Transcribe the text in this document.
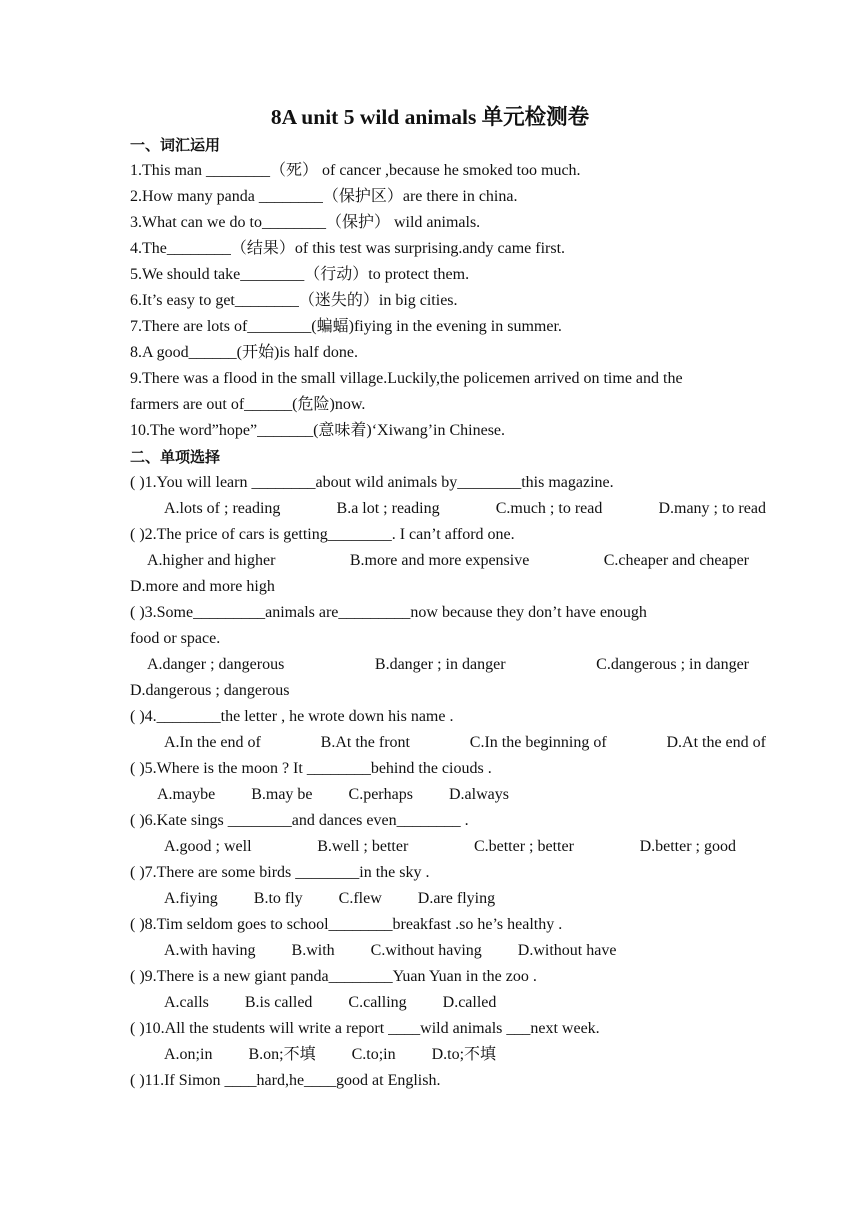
8A unit 5 wild animals 单元检测卷
一、词汇运用
1.This man ________（死） of cancer ,because he smoked too much.
2.How many panda ________（保护区）are there in china.
3.What can we do to________（保护） wild animals.
4.The________（结果）of this test was surprising.andy came first.
5.We should take________（行动）to protect them.
6.It’s easy to get________（迷失的）in big cities.
7.There are lots of________(蝙蝠)fiying in the evening in summer.
8.A good______(开始)is half done.
9.There was a flood in the small village.Luckily,the policemen arrived on time and the
farmers are out of______(危险)now.
10.The word”hope”_______(意味着)‘Xiwang’in Chinese.
二、单项选择
( )1.You will learn ________about wild animals by________this magazine.
A.lots of ; reading	B.a lot ; reading	C.much ; to read	D.many ; to read
( )2.The price of cars is getting________. I can’t afford one.
A.higher and higher	B.more and more expensive	C.cheaper and cheaper
D.more and more high
( )3.Some_________animals are_________now because they don’t have enough
food or space.
A.danger ; dangerous	B.danger ; in danger	C.dangerous ; in danger
D.dangerous ; dangerous
( )4.________the letter , he wrote down his name .
A.In the end of	B.At the front	C.In the beginning of	D.At the end of
( )5.Where is the moon ? It ________behind the ciouds .
A.maybe B.may be C.perhaps D.always
( )6.Kate sings ________and dances even________ .
A.good ; well	B.well ; better	C.better ; better	D.better ; good
( )7.There are some birds ________in the sky .
A.fiying B.to fly C.flew D.are flying
( )8.Tim seldom goes to school________breakfast .so he’s healthy .
A.with having B.with C.without having D.without have
( )9.There is a new giant panda________Yuan Yuan in the zoo .
A.calls B.is called C.calling D.called
( )10.All the students will write a report ____wild animals ___next week.
A.on;in B.on;不填 C.to;in D.to;不填
( )11.If Simon ____hard,he____good at English.
